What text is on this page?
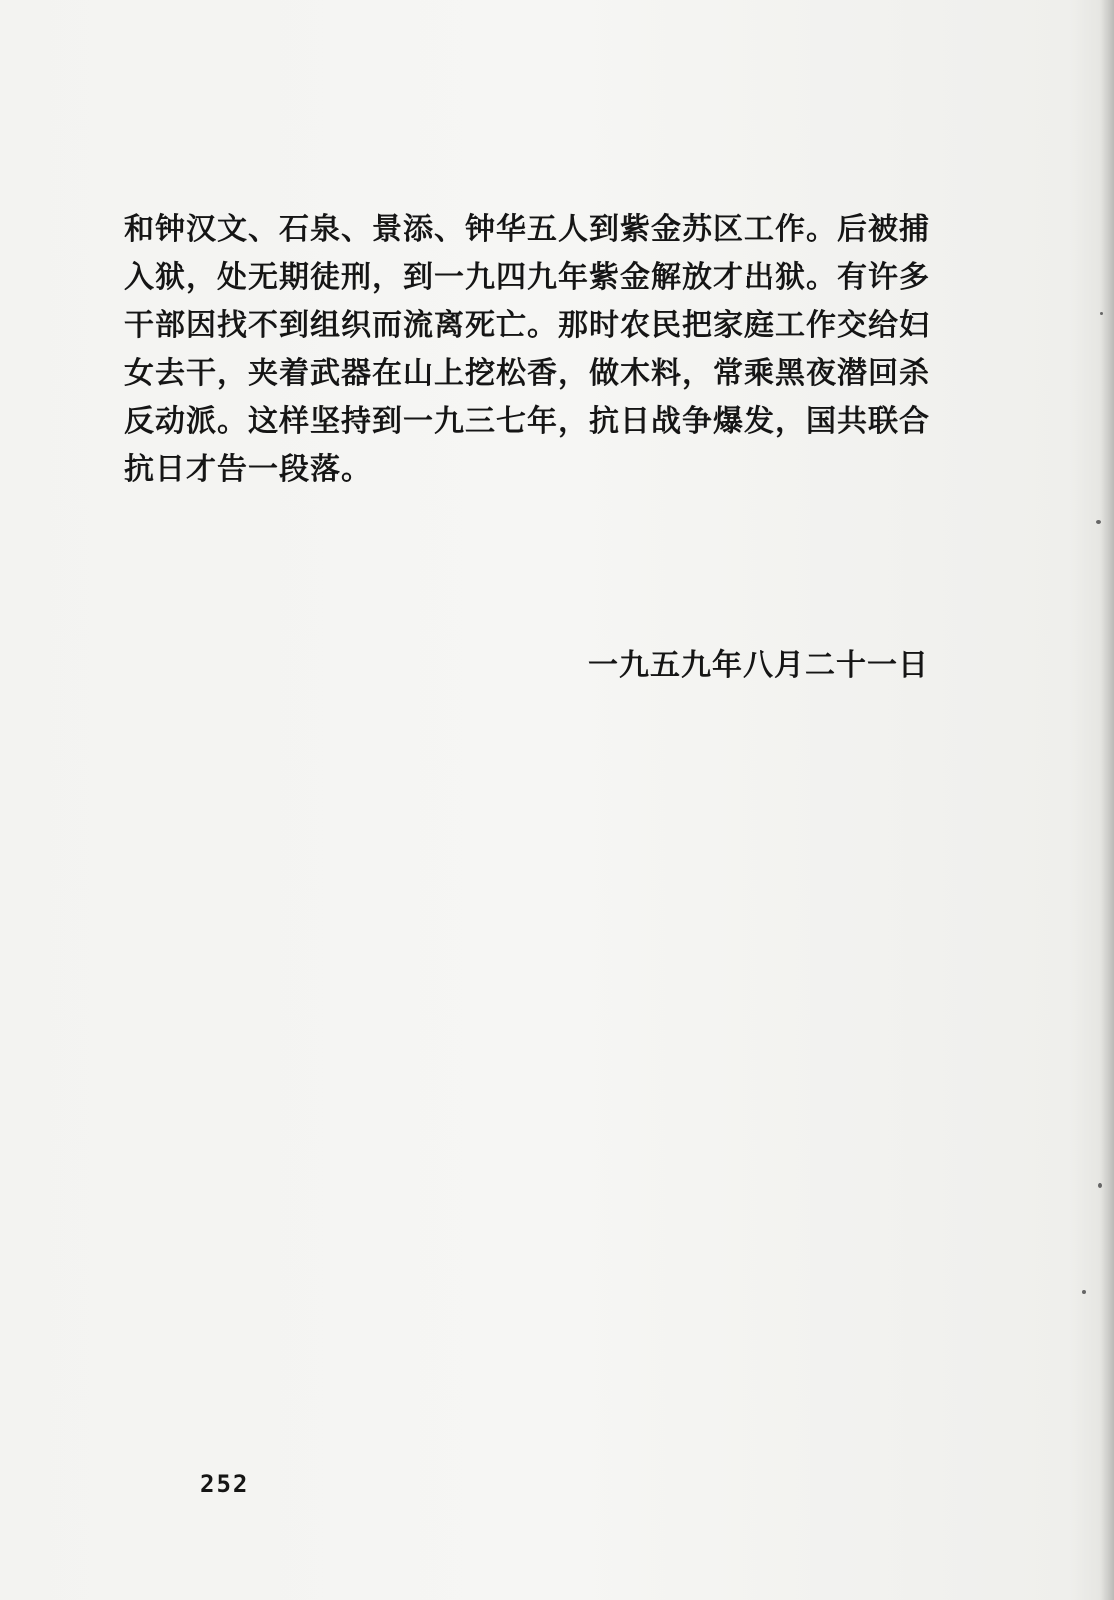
和钟汉文、石泉、景添、钟华五人到紫金苏区工作。后被捕
入狱，处无期徒刑，到一九四九年紫金解放才出狱。有许多
干部因找不到组织而流离死亡。那时农民把家庭工作交给妇
女去干，夹着武器在山上挖松香，做木料，常乘黑夜潜回杀
反动派。这样坚持到一九三七年，抗日战争爆发，国共联合
抗日才告一段落。
一九五九年八月二十一日
252
